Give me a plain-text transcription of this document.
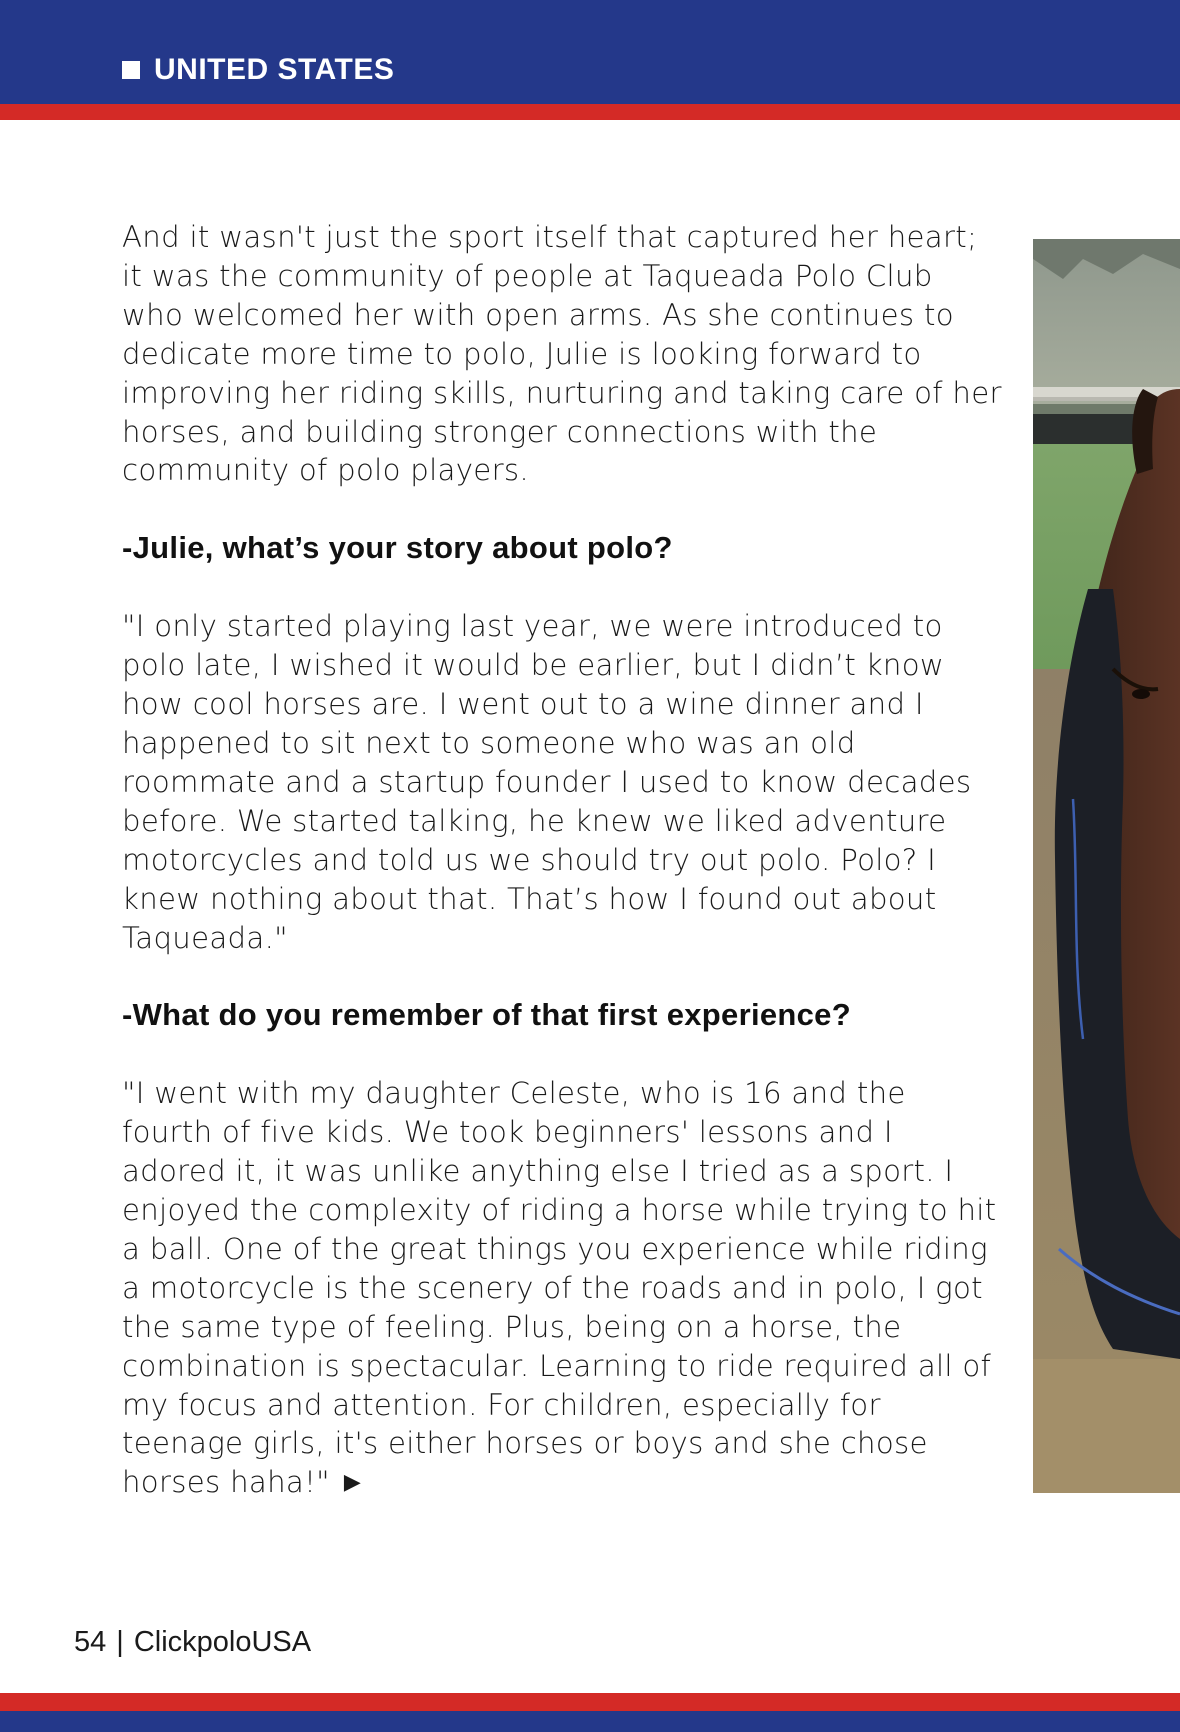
UNITED STATES

And it wasn't just the sport itself that captured her heart; it was the community of people at Taqueada Polo Club who welcomed her with open arms. As she continues to dedicate more time to polo, Julie is looking forward to improving her riding skills, nurturing and taking care of her horses, and building stronger connections with the community of polo players.

-Julie, what’s your story about polo?

"I only started playing last year, we were introduced to polo late, I wished it would be earlier, but I didn’t know how cool horses are. I went out to a wine dinner and I happened to sit next to someone who was an old roommate and a startup founder I used to know decades before. We started talking, he knew we liked adventure motorcycles and told us we should try out polo. Polo? I knew nothing about that. That’s how I found out about Taqueada."

-What do you remember of that first experience?

"I went with my daughter Celeste, who is 16 and the fourth of five kids. We took beginners' lessons and I adored it, it was unlike anything else I tried as a sport. I enjoyed the complexity of riding a horse while trying to hit a ball. One of the great things you experience while riding a motorcycle is the scenery of the roads and in polo, I got the same type of feeling. Plus, being on a horse, the combination is spectacular. Learning to ride required all of my focus and attention. For children, especially for teenage girls, it's either horses or boys and she chose horses haha!" ▶

54 | ClickpoloUSA
